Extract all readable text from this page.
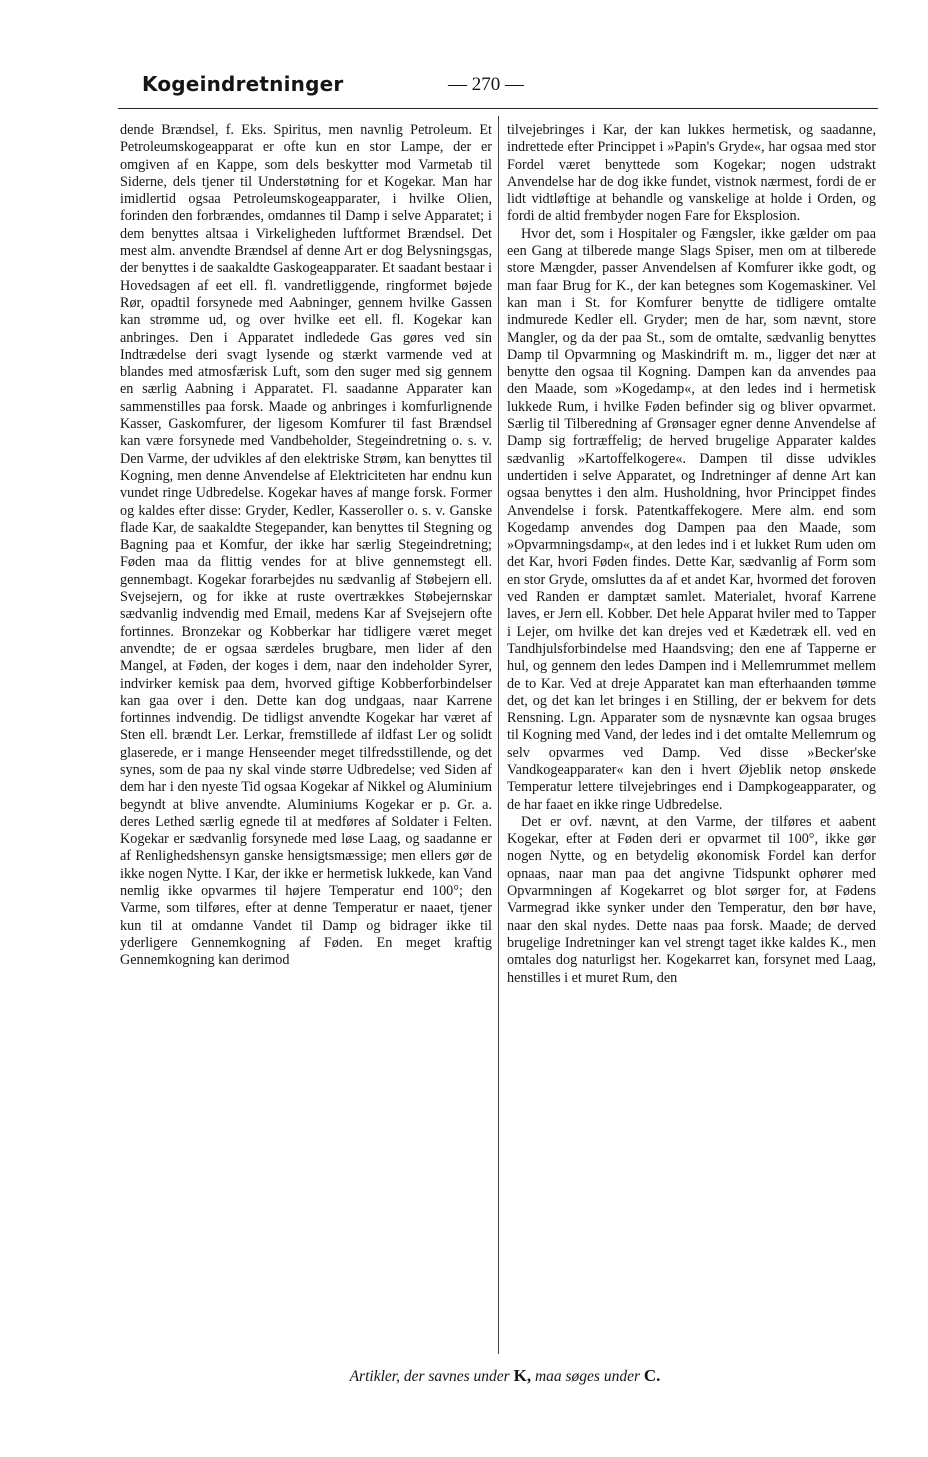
Kogeindretninger	— 270 —

dende Brændsel, f. Eks. Spiritus, men navnlig Petroleum. Et Petroleumskogeapparat er ofte kun en stor Lampe, der er omgiven af en Kappe, som dels beskytter mod Varmetab til Siderne, dels tjener til Understøtning for et Kogekar. Man har imidlertid ogsaa Petroleumskogeapparater, i hvilke Olien, forinden den forbrændes, omdannes til Damp i selve Apparatet; i dem benyttes altsaa i Virkeligheden luftformet Brændsel. Det mest alm. anvendte Brændsel af denne Art er dog Belysningsgas, der benyttes i de saakaldte Gaskogeapparater. Et saadant bestaar i Hovedsagen af eet ell. fl. vandretliggende, ringformet bøjede Rør, opadtil forsynede med Aabninger, gennem hvilke Gassen kan strømme ud, og over hvilke eet ell. fl. Kogekar kan anbringes. Den i Apparatet indledede Gas gøres ved sin Indtrædelse deri svagt lysende og stærkt varmende ved at blandes med atmosfærisk Luft, som den suger med sig gennem en særlig Aabning i Apparatet. Fl. saadanne Apparater kan sammenstilles paa forsk. Maade og anbringes i komfurlignende Kasser, Gaskomfurer, der ligesom Komfurer til fast Brændsel kan være forsynede med Vandbeholder, Stegeindretning o. s. v. Den Varme, der udvikles af den elektriske Strøm, kan benyttes til Kogning, men denne Anvendelse af Elektriciteten har endnu kun vundet ringe Udbredelse. Kogekar haves af mange forsk. Former og kaldes efter disse: Gryder, Kedler, Kasseroller o. s. v. Ganske flade Kar, de saakaldte Stegepander, kan benyttes til Stegning og Bagning paa et Komfur, der ikke har særlig Stegeindretning; Føden maa da flittig vendes for at blive gennemstegt ell. gennembagt. Kogekar forarbejdes nu sædvanlig af Støbejern ell. Svejsejern, og for ikke at ruste overtrækkes Støbejernskar sædvanlig indvendig med Email, medens Kar af Svejsejern ofte fortinnes. Bronzekar og Kobberkar har tidligere været meget anvendte; de er ogsaa særdeles brugbare, men lider af den Mangel, at Føden, der koges i dem, naar den indeholder Syrer, indvirker kemisk paa dem, hvorved giftige Kobberforbindelser kan gaa over i den. Dette kan dog undgaas, naar Karrene fortinnes indvendig. De tidligst anvendte Kogekar har været af Sten ell. brændt Ler. Lerkar, fremstillede af ildfast Ler og solidt glaserede, er i mange Henseender meget tilfredsstillende, og det synes, som de paa ny skal vinde større Udbredelse; ved Siden af dem har i den nyeste Tid ogsaa Kogekar af Nikkel og Aluminium begyndt at blive anvendte. Aluminiums Kogekar er p. Gr. a. deres Lethed særlig egnede til at medføres af Soldater i Felten. Kogekar er sædvanlig forsynede med løse Laag, og saadanne er af Renlighedshensyn ganske hensigtsmæssige; men ellers gør de ikke nogen Nytte. I Kar, der ikke er hermetisk lukkede, kan Vand nemlig ikke opvarmes til højere Temperatur end 100°; den Varme, som tilføres, efter at denne Temperatur er naaet, tjener kun til at omdanne Vandet til Damp og bidrager ikke til yderligere Gennemkogning af Føden. En meget kraftig Gennemkogning kan derimod

tilvejebringes i Kar, der kan lukkes hermetisk, og saadanne, indrettede efter Princippet i »Papin's Gryde«, har ogsaa med stor Fordel været benyttede som Kogekar; nogen udstrakt Anvendelse har de dog ikke fundet, vistnok nærmest, fordi de er lidt vidtløftige at behandle og vanskelige at holde i Orden, og fordi de altid frembyder nogen Fare for Eksplosion.

Hvor det, som i Hospitaler og Fængsler, ikke gælder om paa een Gang at tilberede mange Slags Spiser, men om at tilberede store Mængder, passer Anvendelsen af Komfurer ikke godt, og man faar Brug for K., der kan betegnes som Kogemaskiner. Vel kan man i St. for Komfurer benytte de tidligere omtalte indmurede Kedler ell. Gryder; men de har, som nævnt, store Mangler, og da der paa St., som de omtalte, sædvanlig benyttes Damp til Opvarmning og Maskindrift m. m., ligger det nær at benytte den ogsaa til Kogning. Dampen kan da anvendes paa den Maade, som »Kogedamp«, at den ledes ind i hermetisk lukkede Rum, i hvilke Føden befinder sig og bliver opvarmet. Særlig til Tilberedning af Grønsager egner denne Anvendelse af Damp sig fortræffelig; de herved brugelige Apparater kaldes sædvanlig »Kartoffelkogere«. Dampen til disse udvikles undertiden i selve Apparatet, og Indretninger af denne Art kan ogsaa benyttes i den alm. Husholdning, hvor Princippet findes Anvendelse i forsk. Patentkaffekogere. Mere alm. end som Kogedamp anvendes dog Dampen paa den Maade, som »Opvarmningsdamp«, at den ledes ind i et lukket Rum uden om det Kar, hvori Føden findes. Dette Kar, sædvanlig af Form som en stor Gryde, omsluttes da af et andet Kar, hvormed det foroven ved Randen er damptæt samlet. Materialet, hvoraf Karrene laves, er Jern ell. Kobber. Det hele Apparat hviler med to Tapper i Lejer, om hvilke det kan drejes ved et Kædetræk ell. ved en Tandhjulsforbindelse med Haandsving; den ene af Tapperne er hul, og gennem den ledes Dampen ind i Mellemrummet mellem de to Kar. Ved at dreje Apparatet kan man efterhaanden tømme det, og det kan let bringes i en Stilling, der er bekvem for dets Rensning. Lgn. Apparater som de nysnævnte kan ogsaa bruges til Kogning med Vand, der ledes ind i det omtalte Mellemrum og selv opvarmes ved Damp. Ved disse »Becker'ske Vandkogeapparater« kan den i hvert Øjeblik netop ønskede Temperatur lettere tilvejebringes end i Dampkogeapparater, og de har faaet en ikke ringe Udbredelse.

Det er ovf. nævnt, at den Varme, der tilføres et aabent Kogekar, efter at Føden deri er opvarmet til 100°, ikke gør nogen Nytte, og en betydelig økonomisk Fordel kan derfor opnaas, naar man paa det angivne Tidspunkt ophører med Opvarmningen af Kogekarret og blot sørger for, at Fødens Varmegrad ikke synker under den Temperatur, den bør have, naar den skal nydes. Dette naas paa forsk. Maade; de derved brugelige Indretninger kan vel strengt taget ikke kaldes K., men omtales dog naturligst her. Kogekarret kan, forsynet med Laag, henstilles i et muret Rum, den

Artikler, der savnes under K, maa søges under C.
